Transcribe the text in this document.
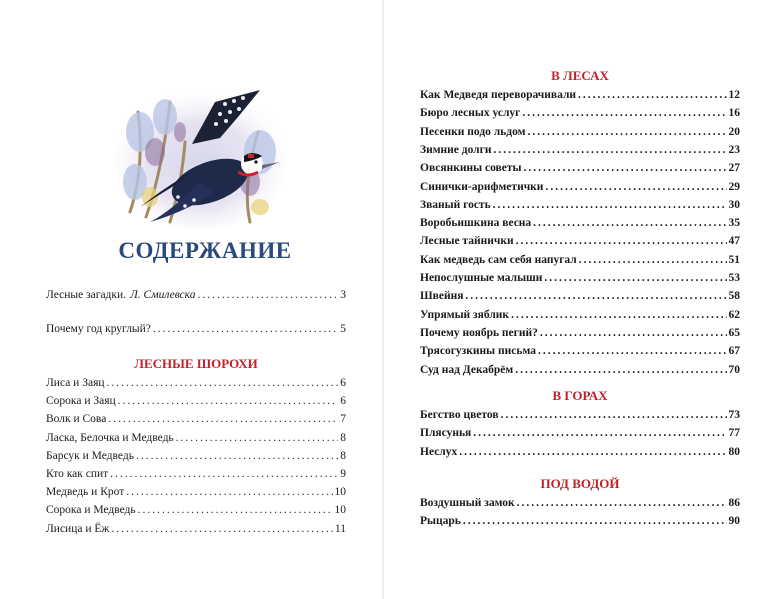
СОДЕРЖАНИЕ
Лесные загадки. Л. Смилевска .....	3
Почему год круглый? .....	5
ЛЕСНЫЕ ШОРОХИ
Лиса и Заяц .....	6
Сорока и Заяц .....	6
Волк и Сова .....	7
Ласка, Белочка и Медведь .....	8
Барсук и Медведь .....	8
Кто как спит .....	9
Медведь и Крот .....	10
Сорока и Медведь .....	10
Лисица и Ёж .....	11
В ЛЕСАХ
Как Медведя переворачивали .....	12
Бюро лесных услуг .....	16
Песенки подо льдом .....	20
Зимние долги .....	23
Овсянкины советы .....	27
Синички-арифметички .....	29
Званый гость .....	30
Воробьишкина весна .....	35
Лесные тайнички .....	47
Как медведь сам себя напугал .....	51
Непослушные малыши .....	53
Швейня .....	58
Упрямый зяблик .....	62
Почему ноябрь пегий? .....	65
Трясогузкины письма .....	67
Суд над Декабрём .....	70
В ГОРАХ
Бегство цветов .....	73
Плясунья .....	77
Неслух .....	80
ПОД ВОДОЙ
Воздушный замок .....	86
Рыцарь .....	90
